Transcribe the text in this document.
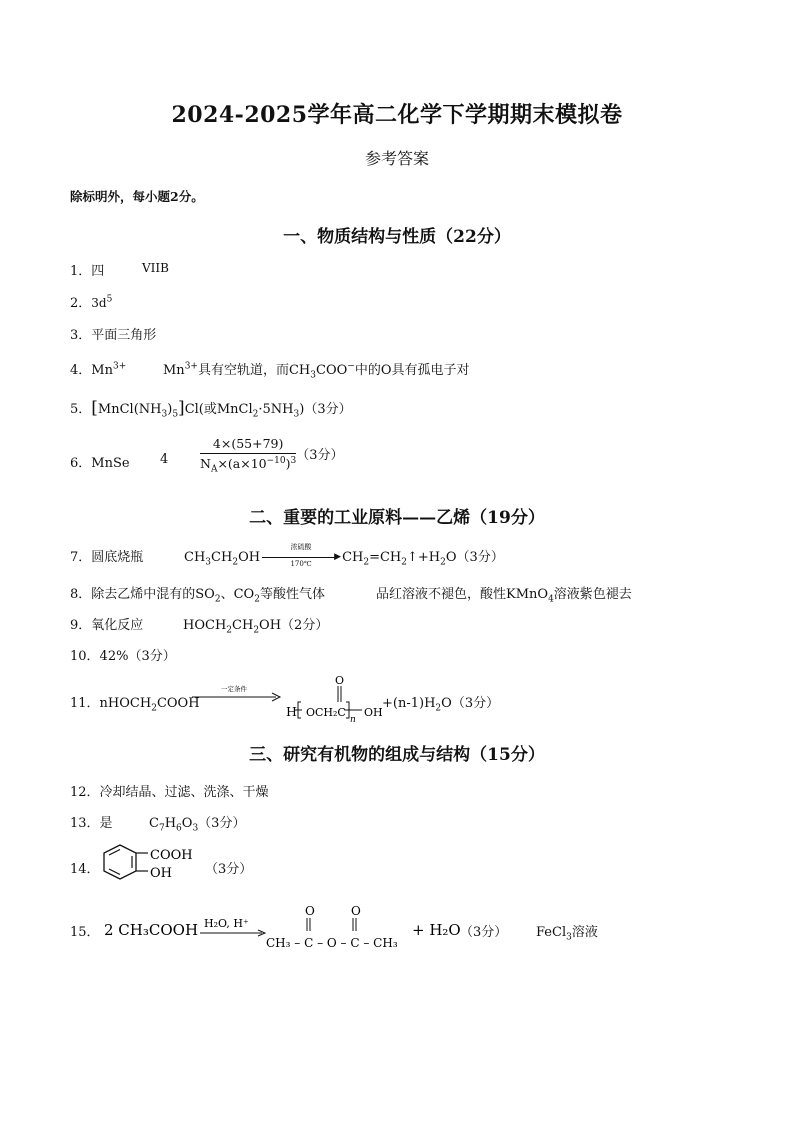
2024-2025学年高二化学下学期期末模拟卷
参考答案
除标明外，每小题2分。
一、物质结构与性质（22分）
1．四	VIIB
2．$3d^5$
3．平面三角形
4．$Mn^{3+}$	$Mn^{3+}$具有空轨道，而$CH_3COO^-$中的O具有孤电子对
5．$[MnCl(NH_3)_5]Cl$(或$MnCl_2\cdot 5NH_3)(3$分）
6．MnSe 4	$\frac{4\times(55+79)}{N_A\times(a\times 10^{-10})^3} (3$分）
二、重要的工业原料——乙烯（19分）
7．圆底烧瓶	$CH_3CH_2OH$
浓硫酸
▶
170℃	$CH_2=CH_2↑+H_2O(3$分）
8．除去乙烯中混有的$SO_2$、$CO_2$等酸性气体	品红溶液不褪色，酸性KMnO$_4$溶液紫色褪去
9．氧化反应	$HOCH_2CH_2OH(2$分）
10．42%（3分）
11．nHOCH$_2$COOH
一定条件
H OCH₂C
O
n
OH
$+(n-1)H_2O(3$分）
三、研究有机物的组成与结构（15分）
12．冷却结晶、过滤、洗涤、干燥
13．是	$C_7H_6O_3(3$分）
14．
COOH
OH	（3分）
15． 2 CH₃COOH H₂O, H⁺
O	O
CH₃ – C – O – C – CH₃
+ H₂O （3分） FeCl$_3$溶液
